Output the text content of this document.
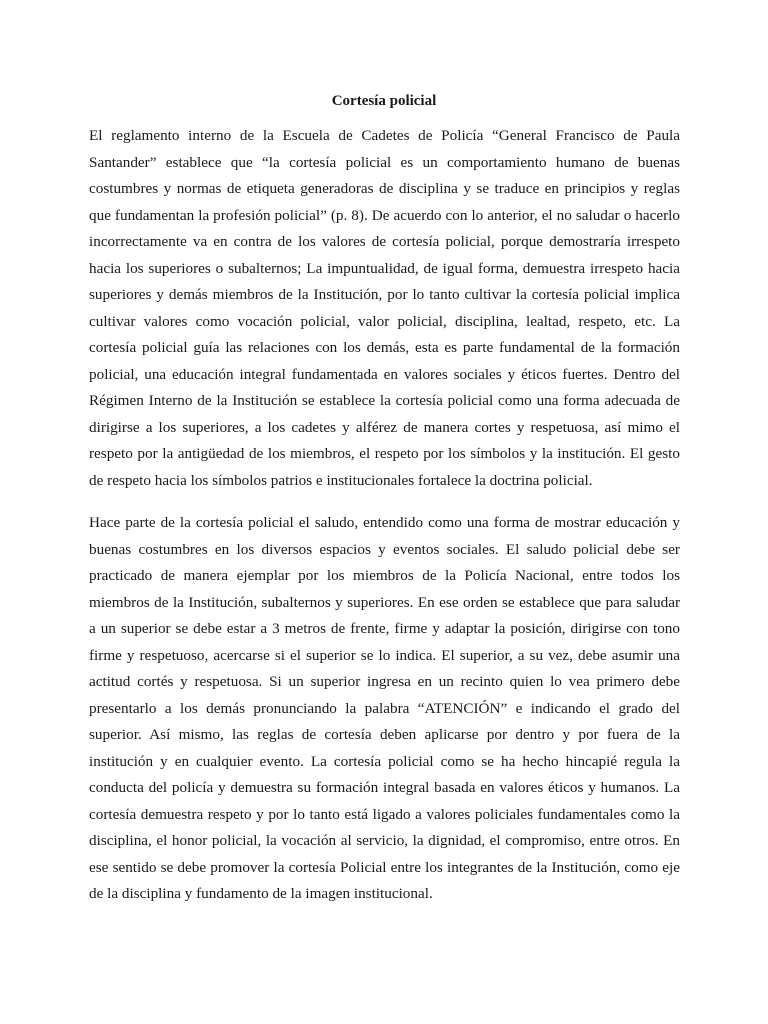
Cortesía policial

El reglamento interno de la Escuela de Cadetes de Policía “General Francisco de Paula Santander” establece que “la cortesía policial es un comportamiento humano de buenas costumbres y normas de etiqueta generadoras de disciplina y se traduce en principios y reglas que fundamentan la profesión policial” (p. 8). De acuerdo con lo anterior, el no saludar o hacerlo incorrectamente va en contra de los valores de cortesía policial, porque demostraría irrespeto hacia los superiores o subalternos; La impuntualidad, de igual forma, demuestra irrespeto hacia superiores y demás miembros de la Institución, por lo tanto cultivar la cortesía policial implica cultivar valores como vocación policial, valor policial, disciplina, lealtad, respeto, etc. La cortesía policial guía las relaciones con los demás, esta es parte fundamental de la formación policial, una educación integral fundamentada en valores sociales y éticos fuertes. Dentro del Régimen Interno de la Institución se establece la cortesía policial como una forma adecuada de dirigirse a los superiores, a los cadetes y alférez de manera cortes y respetuosa, así mimo el respeto por la antigüedad de los miembros, el respeto por los símbolos y la institución. El gesto de respeto hacia los símbolos patrios e institucionales fortalece la doctrina policial.

Hace parte de la cortesía policial el saludo, entendido como una forma de mostrar educación y buenas costumbres en los diversos espacios y eventos sociales. El saludo policial debe ser practicado de manera ejemplar por los miembros de la Policía Nacional, entre todos los miembros de la Institución, subalternos y superiores. En ese orden se establece que para saludar a un superior se debe estar a 3 metros de frente, firme y adaptar la posición, dirigirse con tono firme y respetuoso, acercarse si el superior se lo indica. El superior, a su vez, debe asumir una actitud cortés y respetuosa. Si un superior ingresa en un recinto quien lo vea primero debe presentarlo a los demás pronunciando la palabra “ATENCIÓN” e indicando el grado del superior. Así mismo, las reglas de cortesía deben aplicarse por dentro y por fuera de la institución y en cualquier evento. La cortesía policial como se ha hecho hincapié regula la conducta del policía y demuestra su formación integral basada en valores éticos y humanos. La cortesía demuestra respeto y por lo tanto está ligado a valores policiales fundamentales como la disciplina, el honor policial, la vocación al servicio, la dignidad, el compromiso, entre otros. En ese sentido se debe promover la cortesía Policial entre los integrantes de la Institución, como eje de la disciplina y fundamento de la imagen institucional.
